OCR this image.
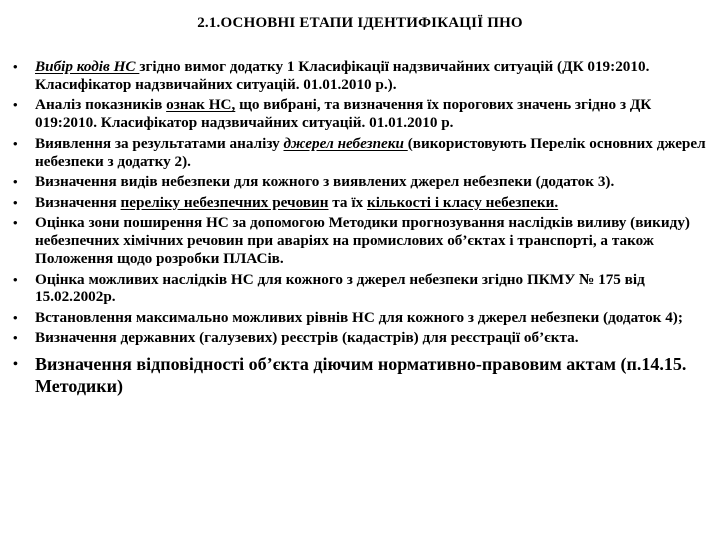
2.1.ОСНОВНІ ЕТАПИ ІДЕНТИФІКАЦІЇ ПНО
• Вибір кодів НС згідно вимог додатку 1 Класифікації надзвичайних ситуацій (ДК 019:2010. Класифікатор надзвичайних ситуацій. 01.01.2010 р.).
• Аналіз показників ознак НС, що вибрані, та визначення їх порогових значень згідно з ДК 019:2010. Класифікатор надзвичайних ситуацій. 01.01.2010 р.
• Виявлення за результатами аналізу джерел небезпеки (використовують Перелік основних джерел небезпеки з додатку 2).
• Визначення видів небезпеки для кожного з виявлених джерел небезпеки (додаток 3).
• Визначення переліку небезпечних речовин та їх кількості і класу небезпеки.
• Оцінка зони поширення НС за допомогою Методики прогнозування наслідків виливу (викиду) небезпечних хімічних речовин при аваріях на промислових об’єктах і транспорті, а також Положення щодо розробки ПЛАСів.
• Оцінка можливих наслідків НС для кожного з джерел небезпеки згідно ПКМУ № 175 від 15.02.2002р.
• Встановлення максимально можливих рівнів НС для кожного з джерел небезпеки (додаток 4);
• Визначення державних (галузевих) реєстрів (кадастрів) для реєстрації об’єкта.
• Визначення відповідності об’єкта діючим нормативно-правовим актам (п.14.15. Методики)
